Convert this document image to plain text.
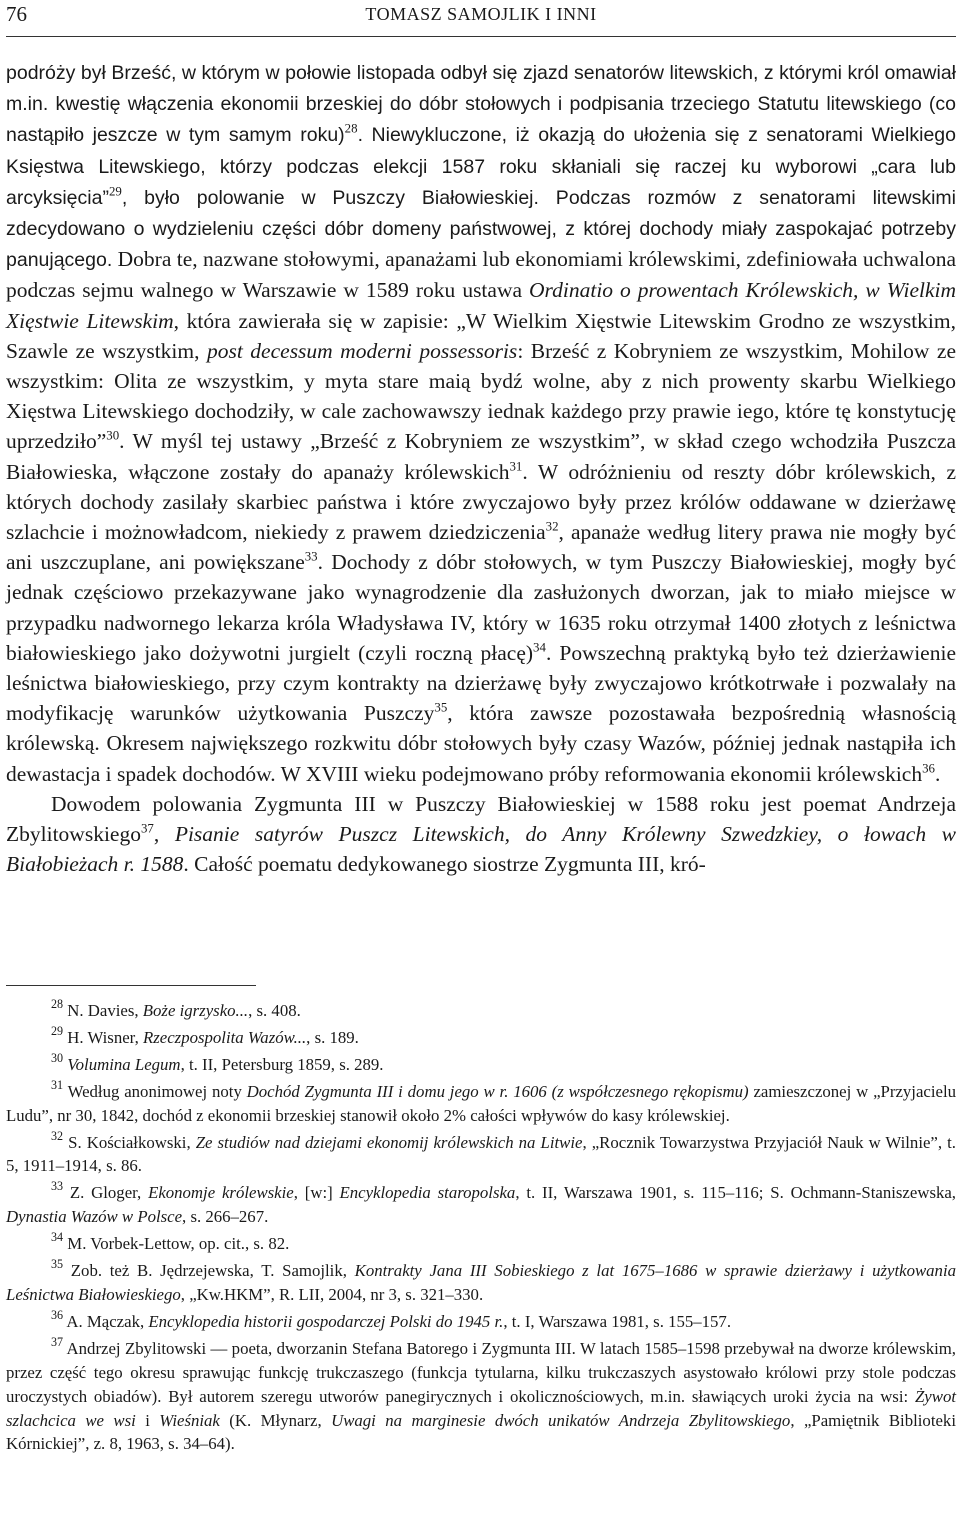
76	TOMASZ SAMOJLIK I INNI

podróży był Brześć, w którym w połowie listopada odbył się zjazd senatorów litewskich, z którymi król omawiał m.in. kwestię włączenia ekonomii brzeskiej do dóbr stołowych i podpisania trzeciego Statutu litewskiego (co nastąpiło jeszcze w tym samym roku)$^{28}$. Niewykluczone, iż okazją do ułożenia się z senatorami Wielkiego Księstwa Litewskiego, którzy podczas elekcji 1587 roku skłaniali się raczej ku wyborowi „cara lub arcyksięcia”$^{29}$, było polowanie w Puszczy Białowieskiej. Podczas rozmów z senatorami litewskimi zdecydowano o wydzieleniu części dóbr domeny państwowej, z której dochody miały zaspokajać potrzeby panującego. Dobra te, nazwane stołowymi, apanażami lub ekonomiami królewskimi, zdefiniowała uchwalona podczas sejmu walnego w Warszawie w 1589 roku ustawa Ordinatio o prowentach Królewskich, w Wielkim Xięstwie Litewskim, która zawierała się w zapisie: „W Wielkim Xięstwie Litewskim Grodno ze wszystkim, Szawle ze wszystkim, post decessum moderni possessoris: Brześć z Kobryniem ze wszystkim, Mohilow ze wszystkim: Olita ze wszystkim, y myta stare maią bydź wolne, aby z nich prowenty skarbu Wielkiego Xięstwa Litewskiego dochodziły, w cale zachowawszy iednak każdego przy prawie iego, które tę konstytucję uprzedziło”$^{30}$. W myśl tej ustawy „Brześć z Kobryniem ze wszystkim”, w skład czego wchodziła Puszcza Białowieska, włączone zostały do apanaży królewskich$^{31}$. W odróżnieniu od reszty dóbr królewskich, z których dochody zasilały skarbiec państwa i które zwyczajowo były przez królów oddawane w dzierżawę szlachcie i możnowładcom, niekiedy z prawem dziedziczenia$^{32}$, apanaże według litery prawa nie mogły być ani uszczuplane, ani powiększane$^{33}$. Dochody z dóbr stołowych, w tym Puszczy Białowieskiej, mogły być jednak częściowo przekazywane jako wynagrodzenie dla zasłużonych dworzan, jak to miało miejsce w przypadku nadwornego lekarza króla Władysława IV, który w 1635 roku otrzymał 1400 złotych z leśnictwa białowieskiego jako dożywotni jurgielt (czyli roczną płacę)$^{34}$. Powszechną praktyką było też dzierżawienie leśnictwa białowieskiego, przy czym kontrakty na dzierżawę były zwyczajowo krótkotrwałe i pozwalały na modyfikację warunków użytkowania Puszczy$^{35}$, która zawsze pozostawała bezpośrednią własnością królewską. Okresem największego rozkwitu dóbr stołowych były czasy Wazów, później jednak nastąpiła ich dewastacja i spadek dochodów. W XVIII wieku podejmowano próby reformowania ekonomii królewskich$^{36}$.

Dowodem polowania Zygmunta III w Puszczy Białowieskiej w 1588 roku jest poemat Andrzeja Zbylitowskiego$^{37}$, Pisanie satyrów Puszcz Litewskich, do Anny Królewny Szwedzkiey, o łowach w Białobieżach r. 1588. Całość poematu dedykowanego siostrze Zygmunta III, kró-

$^{28}$ N. Davies, Boże igrzysko..., s. 408.

$^{29}$ H. Wisner, Rzeczpospolita Wazów..., s. 189.

$^{30}$ Volumina Legum, t. II, Petersburg 1859, s. 289.

$^{31}$ Według anonimowej noty Dochód Zygmunta III i domu jego w r. 1606 (z współczesnego rękopismu) zamieszczonej w „Przyjacielu Ludu”, nr 30, 1842, dochód z ekonomii brzeskiej stanowił około 2% całości wpływów do kasy królewskiej.

$^{32}$ S. Kościałkowski, Ze studiów nad dziejami ekonomij królewskich na Litwie, „Rocznik Towarzystwa Przyjaciół Nauk w Wilnie”, t. 5, 1911–1914, s. 86.

$^{33}$ Z. Gloger, Ekonomje królewskie, [w:] Encyklopedia staropolska, t. II, Warszawa 1901, s. 115–116; S. Ochmann-Staniszewska, Dynastia Wazów w Polsce, s. 266–267.

$^{34}$ M. Vorbek-Lettow, op. cit., s. 82.

$^{35}$ Zob. też B. Jędrzejewska, T. Samojlik, Kontrakty Jana III Sobieskiego z lat 1675–1686 w sprawie dzierżawy i użytkowania Leśnictwa Białowieskiego, „Kw.HKM”, R. LII, 2004, nr 3, s. 321–330.

$^{36}$ A. Mączak, Encyklopedia historii gospodarczej Polski do 1945 r., t. I, Warszawa 1981, s. 155–157.

$^{37}$ Andrzej Zbylitowski — poeta, dworzanin Stefana Batorego i Zygmunta III. W latach 1585–1598 przebywał na dworze królewskim, przez część tego okresu sprawując funkcję trukczaszego (funkcja tytularna, kilku trukczaszych asystowało królowi przy stole podczas uroczystych obiadów). Był autorem szeregu utworów panegirycznych i okolicznościowych, m.in. sławiących uroki życia na wsi: Żywot szlachcica we wsi i Wieśniak (K. Młynarz, Uwagi na marginesie dwóch unikatów Andrzeja Zbylitowskiego, „Pamiętnik Biblioteki Kórnickiej”, z. 8, 1963, s. 34–64).
